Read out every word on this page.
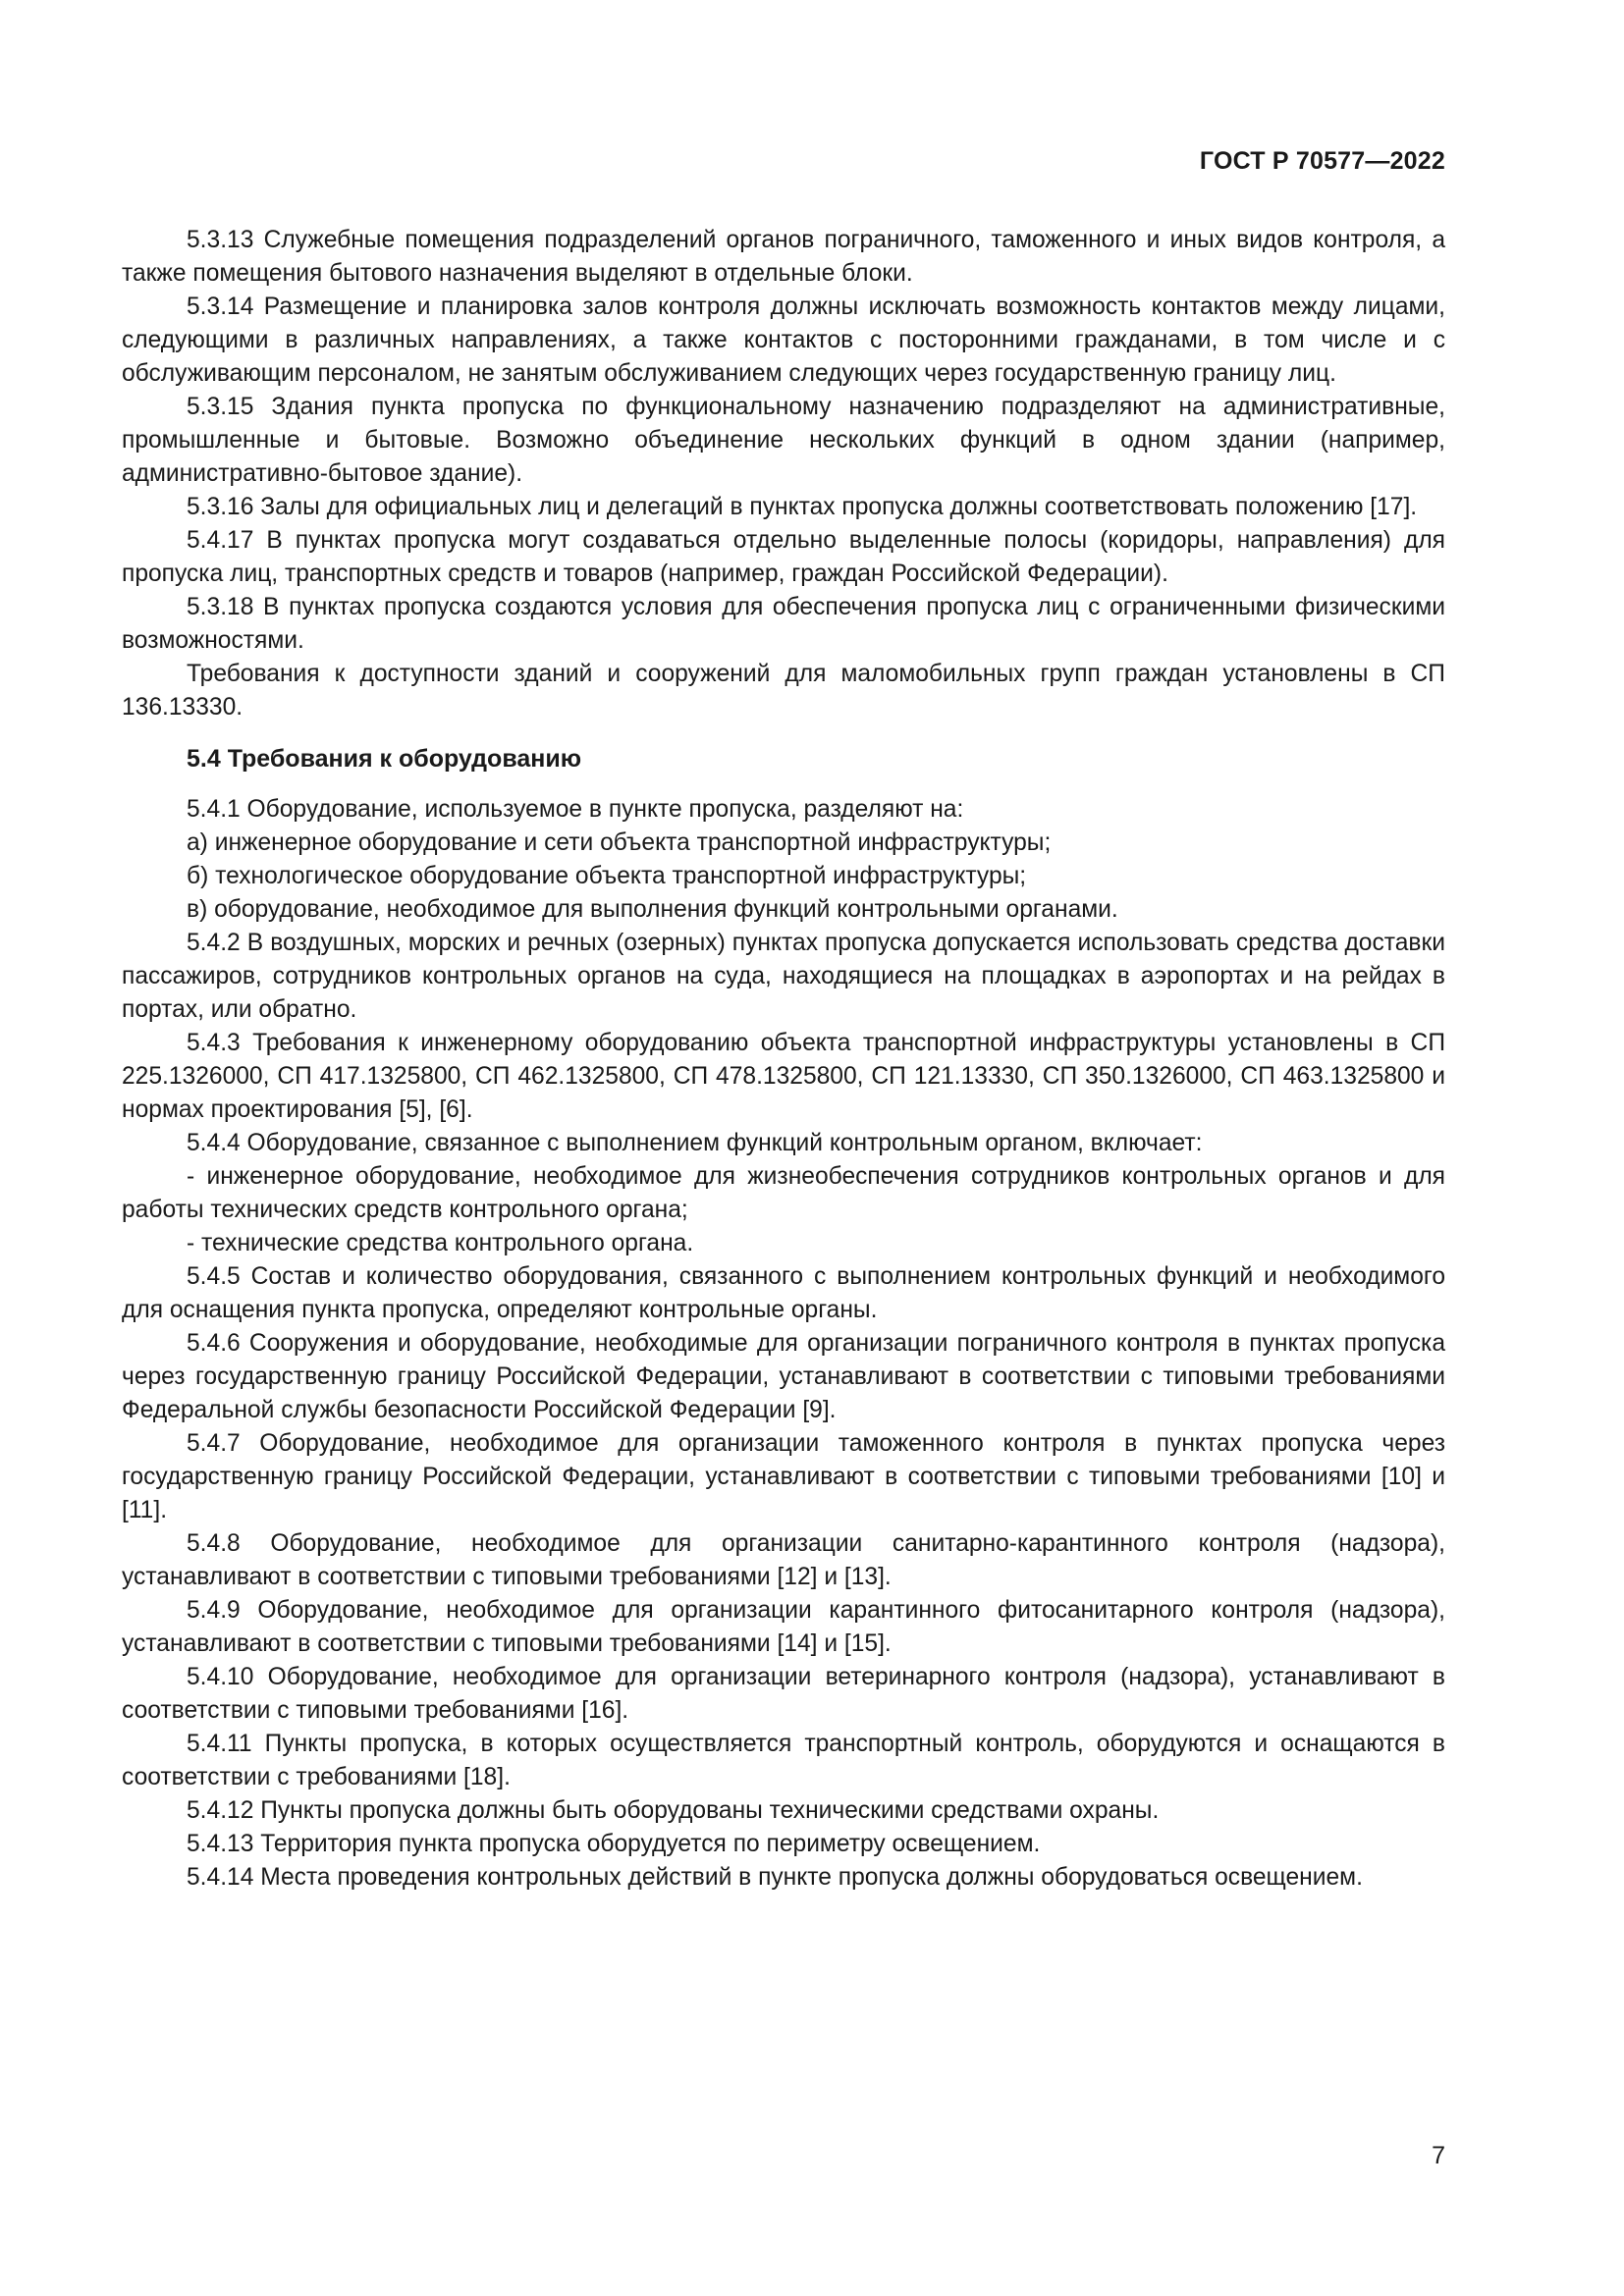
ГОСТ Р 70577—2022

5.3.13 Служебные помещения подразделений органов пограничного, таможенного и иных видов контроля, а также помещения бытового назначения выделяют в отдельные блоки.

5.3.14 Размещение и планировка залов контроля должны исключать возможность контактов между лицами, следующими в различных направлениях, а также контактов с посторонними гражданами, в том числе и с обслуживающим персоналом, не занятым обслуживанием следующих через государственную границу лиц.

5.3.15 Здания пункта пропуска по функциональному назначению подразделяют на административные, промышленные и бытовые. Возможно объединение нескольких функций в одном здании (например, административно-бытовое здание).

5.3.16 Залы для официальных лиц и делегаций в пунктах пропуска должны соответствовать положению [17].

5.4.17 В пунктах пропуска могут создаваться отдельно выделенные полосы (коридоры, направления) для пропуска лиц, транспортных средств и товаров (например, граждан Российской Федерации).

5.3.18 В пунктах пропуска создаются условия для обеспечения пропуска лиц с ограниченными физическими возможностями.

Требования к доступности зданий и сооружений для маломобильных групп граждан установлены в СП 136.13330.

5.4 Требования к оборудованию

5.4.1 Оборудование, используемое в пункте пропуска, разделяют на:

а) инженерное оборудование и сети объекта транспортной инфраструктуры;

б) технологическое оборудование объекта транспортной инфраструктуры;

в) оборудование, необходимое для выполнения функций контрольными органами.

5.4.2 В воздушных, морских и речных (озерных) пунктах пропуска допускается использовать средства доставки пассажиров, сотрудников контрольных органов на суда, находящиеся на площадках в аэропортах и на рейдах в портах, или обратно.

5.4.3 Требования к инженерному оборудованию объекта транспортной инфраструктуры установлены в СП 225.1326000, СП 417.1325800, СП 462.1325800, СП 478.1325800, СП 121.13330, СП 350.1326000, СП 463.1325800 и нормах проектирования [5], [6].

5.4.4 Оборудование, связанное с выполнением функций контрольным органом, включает:

- инженерное оборудование, необходимое для жизнеобеспечения сотрудников контрольных органов и для работы технических средств контрольного органа;

- технические средства контрольного органа.

5.4.5 Состав и количество оборудования, связанного с выполнением контрольных функций и необходимого для оснащения пункта пропуска, определяют контрольные органы.

5.4.6 Сооружения и оборудование, необходимые для организации пограничного контроля в пунктах пропуска через государственную границу Российской Федерации, устанавливают в соответствии с типовыми требованиями Федеральной службы безопасности Российской Федерации [9].

5.4.7 Оборудование, необходимое для организации таможенного контроля в пунктах пропуска через государственную границу Российской Федерации, устанавливают в соответствии с типовыми требованиями [10] и [11].

5.4.8 Оборудование, необходимое для организации санитарно-карантинного контроля (надзора), устанавливают в соответствии с типовыми требованиями [12] и [13].

5.4.9 Оборудование, необходимое для организации карантинного фитосанитарного контроля (надзора), устанавливают в соответствии с типовыми требованиями [14] и [15].

5.4.10 Оборудование, необходимое для организации ветеринарного контроля (надзора), устанавливают в соответствии с типовыми требованиями [16].

5.4.11 Пункты пропуска, в которых осуществляется транспортный контроль, оборудуются и оснащаются в соответствии с требованиями [18].

5.4.12 Пункты пропуска должны быть оборудованы техническими средствами охраны.

5.4.13 Территория пункта пропуска оборудуется по периметру освещением.

5.4.14 Места проведения контрольных действий в пункте пропуска должны оборудоваться освещением.

7
